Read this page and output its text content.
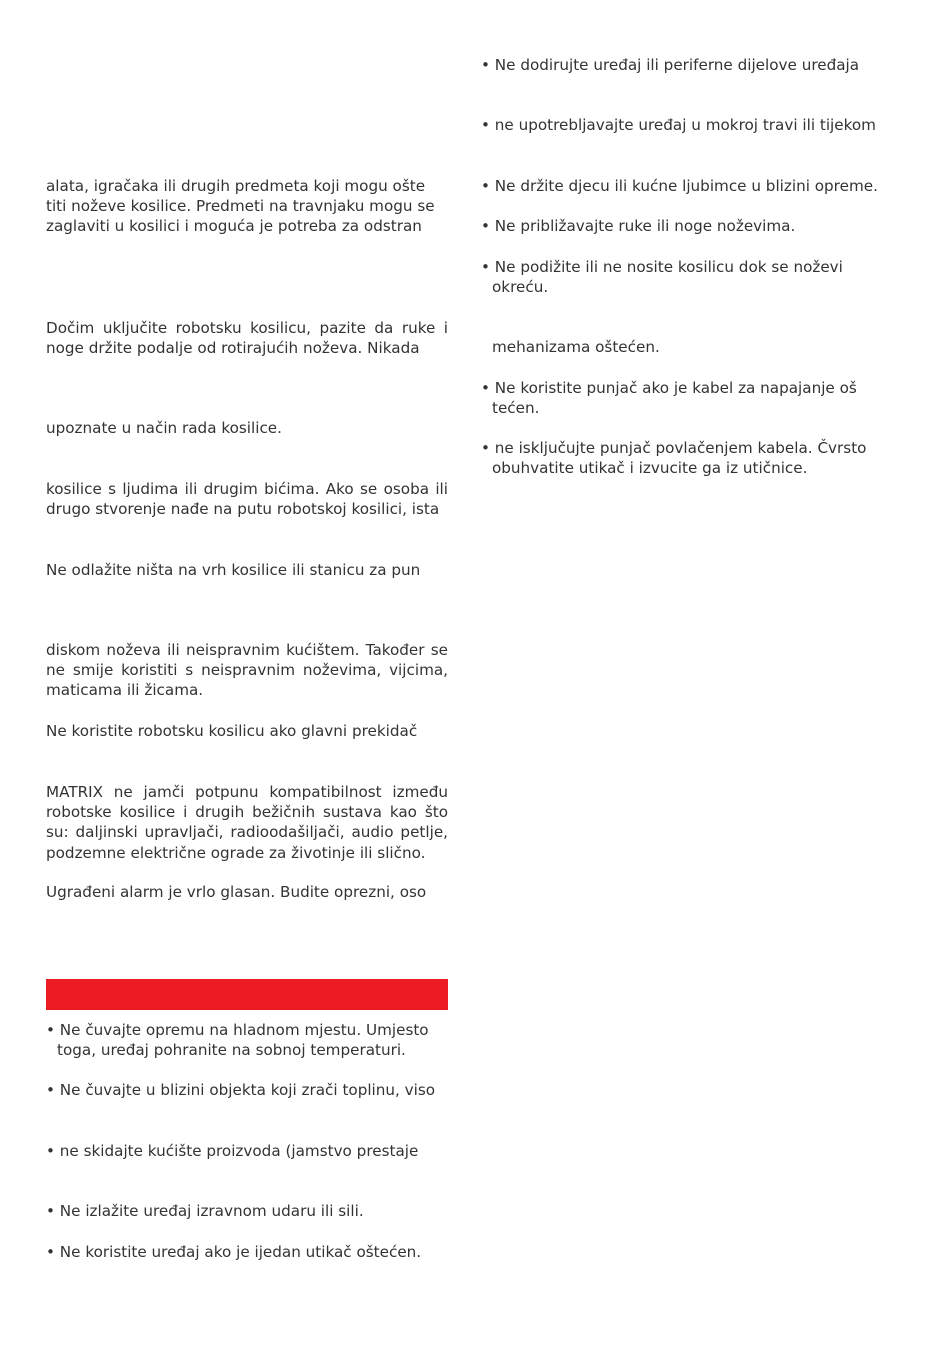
alata, igračaka ili drugih predmeta koji mogu ošte titi noževe kosilice. Predmeti na travnjaku mogu se zaglaviti u kosilici i moguća je potreba za odstran

Dočim uključite robotsku kosilicu, pazite da ruke i noge držite podalje od rotirajućih noževa. Nikada

upoznate u način rada kosilice.

kosilice s ljudima ili drugim bićima. Ako se osoba ili drugo stvorenje nađe na putu robotskoj kosilici, ista

Ne odlažite ništa na vrh kosilice ili stanicu za pun

diskom noževa ili neispravnim kućištem. Također se ne smije koristiti s neispravnim noževima, vijcima, maticama ili žicama.

Ne koristite robotsku kosilicu ako glavni prekidač

MATRIX ne jamči potpunu kompatibilnost između robotske kosilice i drugih bežičnih sustava kao što su: daljinski upravljači, radioodašiljači, audio petlje, podzemne električne ograde za životinje ili slično.

Ugrađeni alarm je vrlo glasan. Budite oprezni, oso

• Ne čuvajte opremu na hladnom mjestu. Umjesto toga, uređaj pohranite na sobnoj temperaturi.

• Ne čuvajte u blizini objekta koji zrači toplinu, viso

• ne skidajte kućište proizvoda (jamstvo prestaje

• Ne izlažite uređaj izravnom udaru ili sili.

• Ne koristite uređaj ako je ijedan utikač oštećen.

• Ne dodirujte uređaj ili periferne dijelove uređaja

• ne upotrebljavajte uređaj u mokroj travi ili tijekom

• Ne držite djecu ili kućne ljubimce u blizini opreme.

• Ne približavajte ruke ili noge noževima.

• Ne podižite ili ne nosite kosilicu dok se noževi okreću.

mehanizama oštećen.

• Ne koristite punjač ako je kabel za napajanje oš tećen.

• ne isključujte punjač povlačenjem kabela. Čvrsto obuhvatite utikač i izvucite ga iz utičnice.
